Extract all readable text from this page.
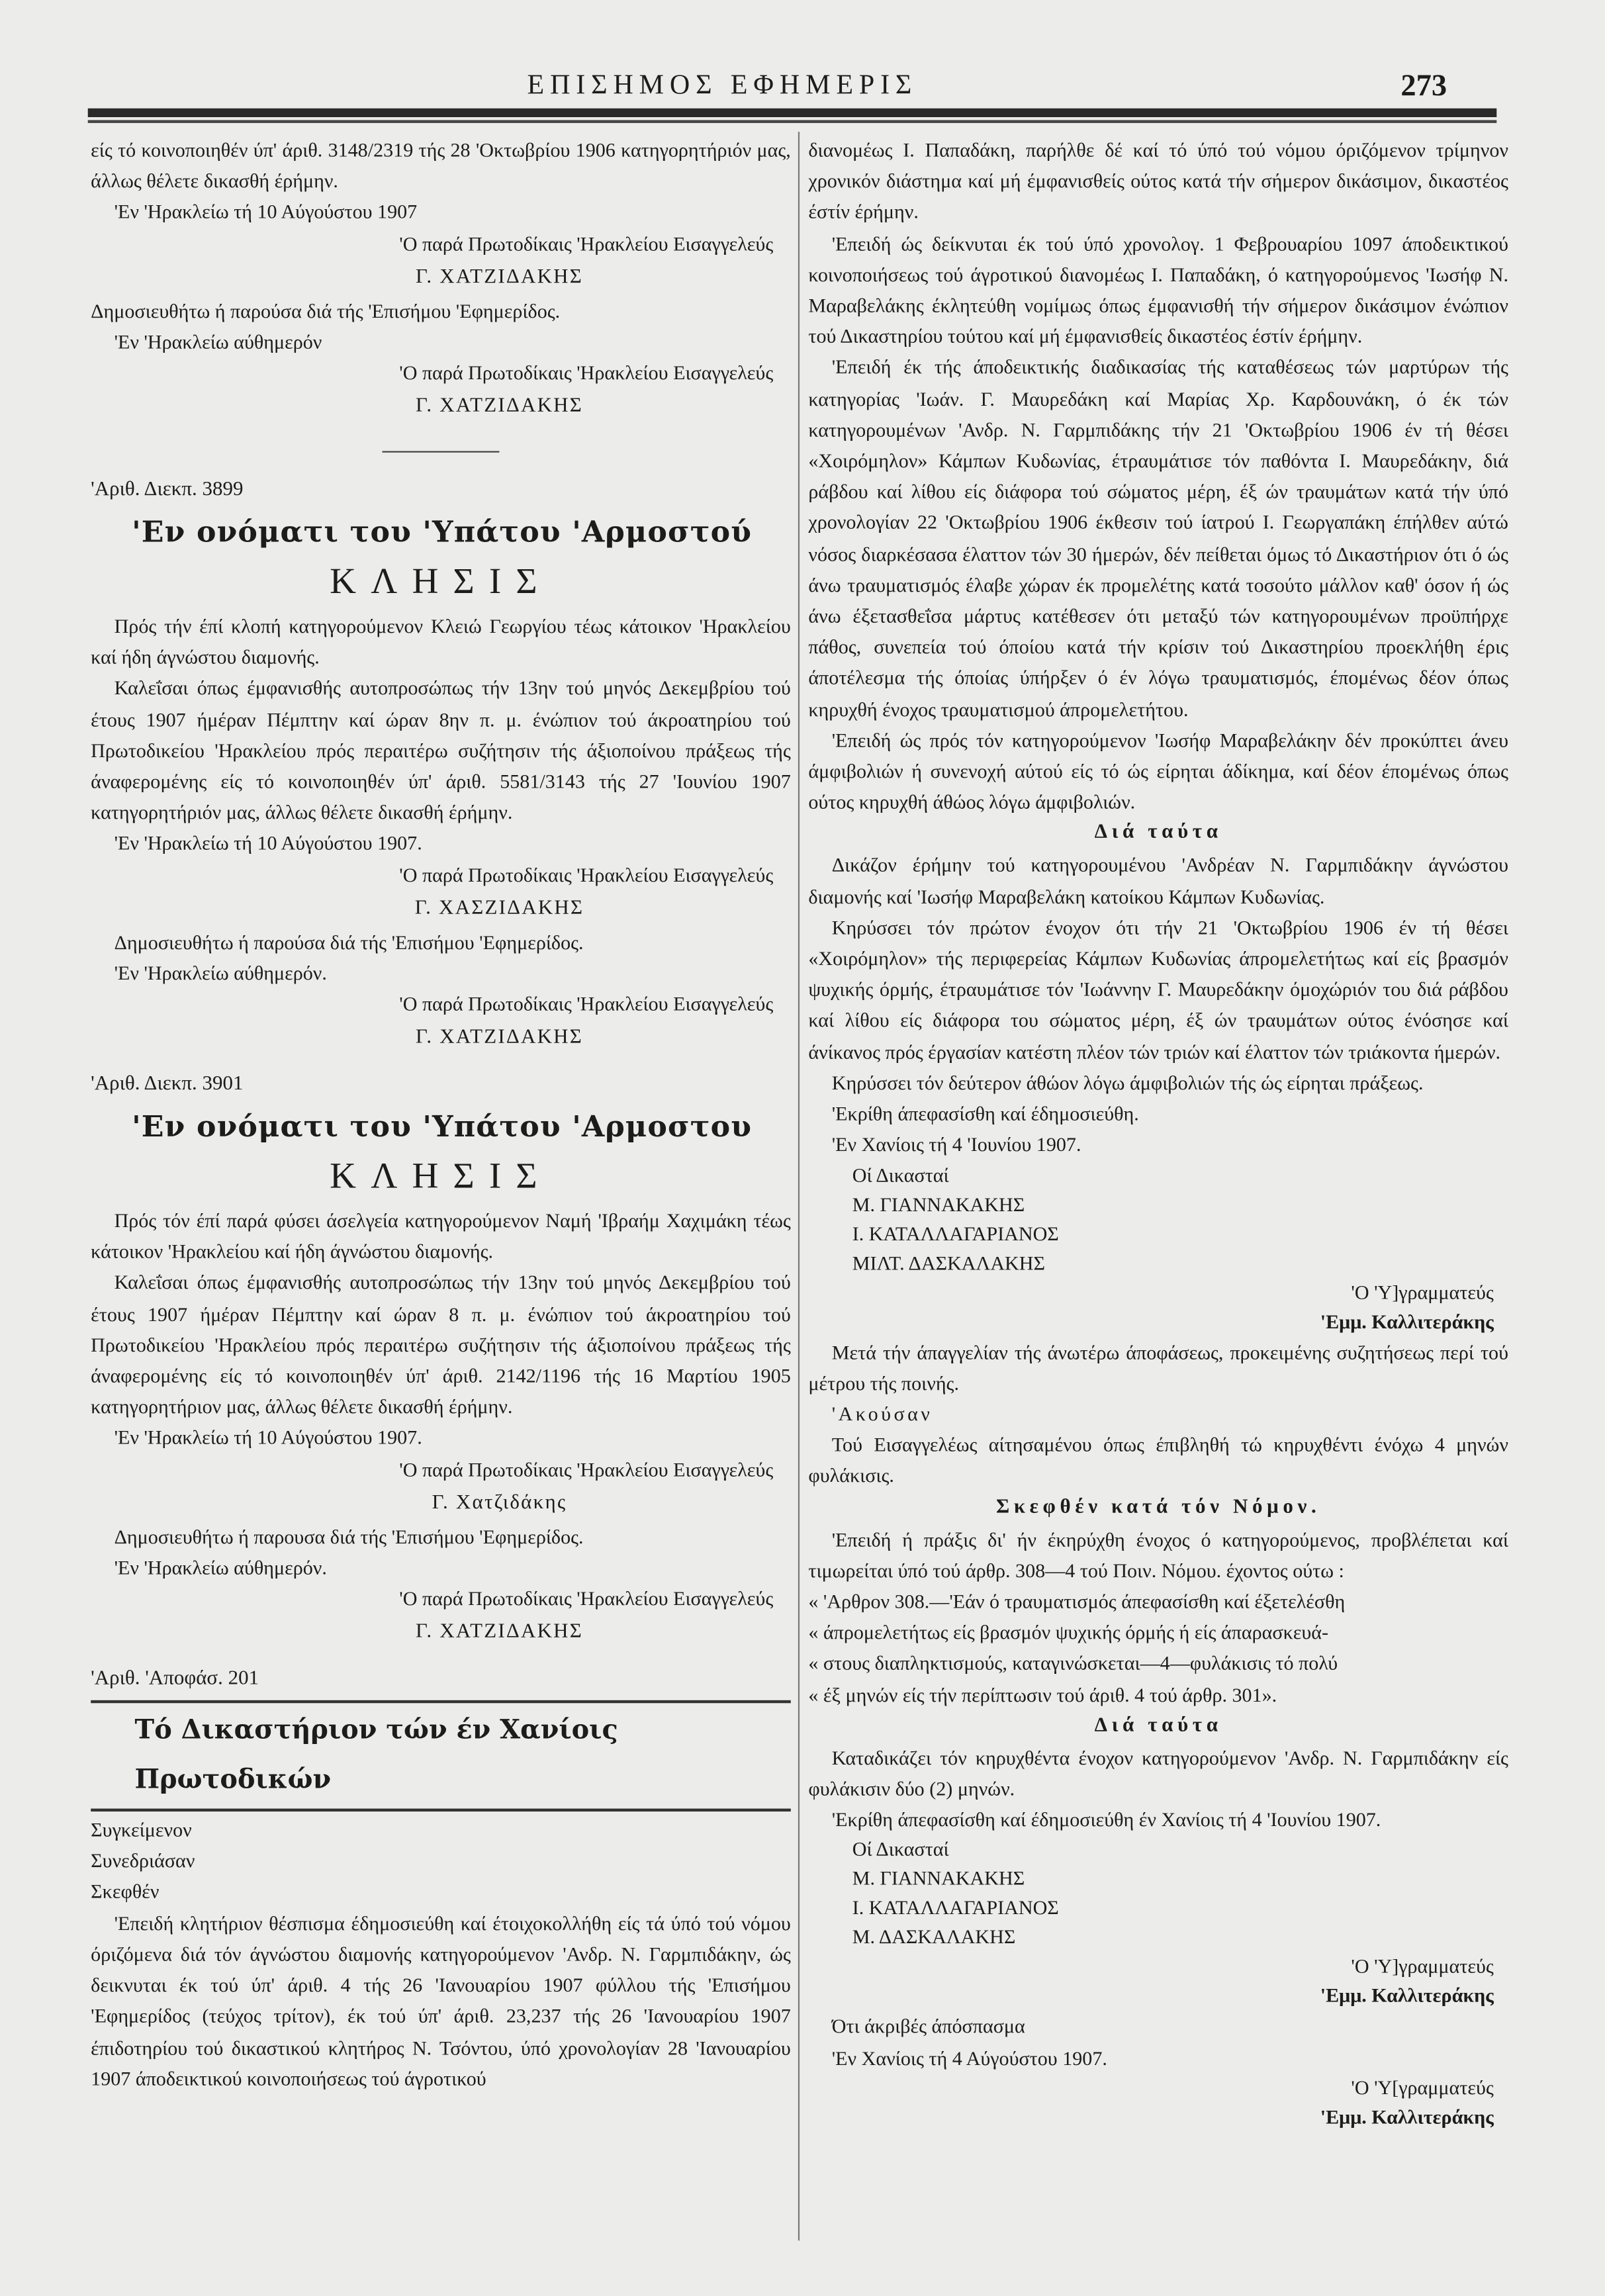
ΕΠΙΣΗΜΟΣ ΕΦΗΜΕΡΙΣ	273

είς τό κοινοποιηθέν ύπ' άριθ. 3148/2319 τής 28 'Οκτωβρίου 1906 κατηγορητήριόν μας, άλλως θέλετε δικασθή έρήμην.

'Εν 'Ηρακλείω τή 10 Αύγούστου 1907

'Ο παρά Πρωτοδίκαις 'Ηρακλείου Εισαγγελεύς

Γ. ΧΑΤΖΙΔΑΚΗΣ

Δημοσιευθήτω ή παρούσα διά τής 'Επισήμου 'Εφημερίδος.

'Εν 'Ηρακλείω αύθημερόν

'Ο παρά Πρωτοδίκαις 'Ηρακλείου Εισαγγελεύς

Γ. ΧΑΤΖΙΔΑΚΗΣ

'Αριθ. Διεκπ. 3899

'Εν ονόματι του 'Υπάτου 'Αρμοστού

ΚΛΗΣΙΣ

Πρός τήν έπί κλοπή κατηγορούμενον Κλειώ Γεωργίου τέως κάτοικον 'Ηρακλείου καί ήδη άγνώστου διαμονής.

Καλεΐσαι όπως έμφανισθής αυτοπροσώπως τήν 13ην τού μηνός Δεκεμβρίου τού έτους 1907 ήμέραν Πέμπτην καί ώραν 8ην π. μ. ένώπιον τού άκροατηρίου τού Πρωτοδικείου 'Ηρακλείου πρός περαιτέρω συζήτησιν τής άξιοποίνου πράξεως τής άναφερομένης είς τό κοινοποιηθέν ύπ' άριθ. 5581/3143 τής 27 'Ιουνίου 1907 κατηγορητήριόν μας, άλλως θέλετε δικασθή έρήμην.

'Εν 'Ηρακλείω τή 10 Αύγούστου 1907.

'Ο παρά Πρωτοδίκαις 'Ηρακλείου Εισαγγελεύς

Γ. ΧΑΣΖΙΔΑΚΗΣ

Δημοσιευθήτω ή παρούσα διά τής 'Επισήμου 'Εφημερίδος.

'Εν 'Ηρακλείω αύθημερόν.

'Ο παρά Πρωτοδίκαις 'Ηρακλείου Εισαγγελεύς

Γ. ΧΑΤΖΙΔΑΚΗΣ

'Αριθ. Διεκπ. 3901

'Εν ονόματι του 'Υπάτου 'Αρμοστου

ΚΛΗΣΙΣ

Πρός τόν έπί παρά φύσει άσελγεία κατηγορούμενον Ναμή 'Ιβραήμ Χαχιμάκη τέως κάτοικον 'Ηρακλείου καί ήδη άγνώστου διαμονής.

Καλεΐσαι όπως έμφανισθής αυτοπροσώπως τήν 13ην τού μηνός Δεκεμβρίου τού έτους 1907 ήμέραν Πέμπτην καί ώραν 8 π. μ. ένώπιον τού άκροατηρίου τού Πρωτοδικείου 'Ηρακλείου πρός περαιτέρω συζήτησιν τής άξιοποίνου πράξεως τής άναφερομένης είς τό κοινοποιηθέν ύπ' άριθ. 2142/1196 τής 16 Μαρτίου 1905 κατηγορητήριον μας, άλλως θέλετε δικασθή έρήμην.

'Εν 'Ηρακλείω τή 10 Αύγούστου 1907.

'Ο παρά Πρωτοδίκαις 'Ηρακλείου Εισαγγελεύς

Γ. Χατζιδάκης

Δημοσιευθήτω ή παρουσα διά τής 'Επισήμου 'Εφημερίδος.

'Εν 'Ηρακλείω αύθημερόν.

'Ο παρά Πρωτοδίκαις 'Ηρακλείου Εισαγγελεύς

Γ. ΧΑΤΖΙΔΑΚΗΣ

'Αριθ. 'Αποφάσ. 201

Τό Δικαστήριον τών έν Χανίοις Πρωτοδικών

Συγκείμενον

Συνεδριάσαν

Σκεφθέν

'Επειδή κλητήριον θέσπισμα έδημοσιεύθη καί έτοιχοκολλήθη είς τά ύπό τού νόμου όριζόμενα διά τόν άγνώστου διαμονής κατηγορούμενον 'Ανδρ. Ν. Γαρμπιδάκην, ώς δεικνυται έκ τού ύπ' άριθ. 4 τής 26 'Ιανουαρίου 1907 φύλλου τής 'Επισήμου 'Εφημερίδος (τεύχος τρίτον), έκ τού ύπ' άριθ. 23,237 τής 26 'Ιανουαρίου 1907 έπιδοτηρίου τού δικαστικού κλητήρος Ν. Τσόντου, ύπό χρονολογίαν 28 'Ιανουαρίου 1907 άποδεικτικού κοινοποιήσεως τού άγροτικού

διανομέως Ι. Παπαδάκη, παρήλθε δέ καί τό ύπό τού νόμου όριζόμενον τρίμηνον χρονικόν διάστημα καί μή έμφανισθείς ούτος κατά τήν σήμερον δικάσιμον, δικαστέος έστίν έρήμην.

'Επειδή ώς δείκνυται έκ τού ύπό χρονολογ. 1 Φεβρουαρίου 1097 άποδεικτικού κοινοποιήσεως τού άγροτικού διανομέως Ι. Παπαδάκη, ό κατηγορούμενος 'Ιωσήφ Ν. Μαραβελάκης έκλητεύθη νομίμως όπως έμφανισθή τήν σήμερον δικάσιμον ένώπιον τού Δικαστηρίου τούτου καί μή έμφανισθείς δικαστέος έστίν έρήμην.

'Επειδή έκ τής άποδεικτικής διαδικασίας τής καταθέσεως τών μαρτύρων τής κατηγορίας 'Ιωάν. Γ. Μαυρεδάκη καί Μαρίας Χρ. Καρδουνάκη, ό έκ τών κατηγορουμένων 'Ανδρ. Ν. Γαρμπιδάκης τήν 21 'Οκτωβρίου 1906 έν τή θέσει «Χοιρόμηλον» Κάμπων Κυδωνίας, έτραυμάτισε τόν παθόντα Ι. Μαυρεδάκην, διά ράβδου καί λίθου είς διάφορα τού σώματος μέρη, έξ ών τραυμάτων κατά τήν ύπό χρονολογίαν 22 'Οκτωβρίου 1906 έκθεσιν τού ίατρού Ι. Γεωργαπάκη έπήλθεν αύτώ νόσος διαρκέσασα έλαττον τών 30 ήμερών, δέν πείθεται όμως τό Δικαστήριον ότι ό ώς άνω τραυματισμός έλαβε χώραν έκ προμελέτης κατά τοσούτο μάλλον καθ' όσον ή ώς άνω έξετασθεΐσα μάρτυς κατέθεσεν ότι μεταξύ τών κατηγορουμένων προϋπήρχε πάθος, συνεπεία τού όποίου κατά τήν κρίσιν τού Δικαστηρίου προεκλήθη έρις άποτέλεσμα τής όποίας ύπήρξεν ό έν λόγω τραυματισμός, έπομένως δέον όπως κηρυχθή ένοχος τραυματισμού άπρομελετήτου.

'Επειδή ώς πρός τόν κατηγορούμενον 'Ιωσήφ Μαραβελάκην δέν προκύπτει άνευ άμφιβολιών ή συνενοχή αύτού είς τό ώς είρηται άδίκημα, καί δέον έπομένως όπως ούτος κηρυχθή άθώος λόγω άμφιβολιών.

Διά ταύτα

Δικάζον έρήμην τού κατηγορουμένου 'Ανδρέαν Ν. Γαρμπιδάκην άγνώστου διαμονής καί 'Ιωσήφ Μαραβελάκη κατοίκου Κάμπων Κυδωνίας.

Κηρύσσει τόν πρώτον ένοχον ότι τήν 21 'Οκτωβρίου 1906 έν τή θέσει «Χοιρόμηλον» τής περιφερείας Κάμπων Κυδωνίας άπρομελετήτως καί είς βρασμόν ψυχικής όρμής, έτραυμάτισε τόν 'Ιωάννην Γ. Μαυρεδάκην όμοχώριόν του διά ράβδου καί λίθου είς διάφορα του σώματος μέρη, έξ ών τραυμάτων ούτος ένόσησε καί άνίκανος πρός έργασίαν κατέστη πλέον τών τριών καί έλαττον τών τριάκοντα ήμερών.

Κηρύσσει τόν δεύτερον άθώον λόγω άμφιβολιών τής ώς είρηται πράξεως.

'Εκρίθη άπεφασίσθη καί έδημοσιεύθη.

'Εν Χανίοις τή 4 'Ιουνίου 1907.

Οί Δικασταί

Μ. ΓΙΑΝΝΑΚΑΚΗΣ

Ι. ΚΑΤΑΛΛΑΓΑΡΙΑΝΟΣ

ΜΙΛΤ. ΔΑΣΚΑΛΑΚΗΣ

'Ο 'Υ]γραμματεύς

'Εμμ. Καλλιτεράκης

Μετά τήν άπαγγελίαν τής άνωτέρω άποφάσεως, προκειμένης συζητήσεως περί τού μέτρου τής ποινής.

'Ακούσαν

Τού Εισαγγελέως αίτησαμένου όπως έπιβληθή τώ κηρυχθέντι ένόχω 4 μηνών φυλάκισις.

Σκεφθέν κατά τόν Νόμον.

'Επειδή ή πράξις δι' ήν έκηρύχθη ένοχος ό κατηγορούμενος, προβλέπεται καί τιμωρείται ύπό τού άρθρ. 308—4 τού Ποιν. Νόμου. έχοντος ούτω :

« 'Αρθρον 308.—'Εάν ό τραυματισμός άπεφασίσθη καί έξετελέσθη

« άπρομελετήτως είς βρασμόν ψυχικής όρμής ή είς άπαρασκευά-

« στους διαπληκτισμούς, καταγινώσκεται—4—φυλάκισις τό πολύ

« έξ μηνών είς τήν περίπτωσιν τού άριθ. 4 τού άρθρ. 301».

Διά ταύτα

Καταδικάζει τόν κηρυχθέντα ένοχον κατηγορούμενον 'Ανδρ. Ν. Γαρμπιδάκην είς φυλάκισιν δύο (2) μηνών.

'Εκρίθη άπεφασίσθη καί έδημοσιεύθη έν Χανίοις τή 4 'Ιουνίου 1907.

Οί Δικασταί

Μ. ΓΙΑΝΝΑΚΑΚΗΣ

Ι. ΚΑΤΑΛΛΑΓΑΡΙΑΝΟΣ

Μ. ΔΑΣΚΑΛΑΚΗΣ

'Ο 'Υ]γραμματεύς

'Εμμ. Καλλιτεράκης

Ότι άκριβές άπόσπασμα

'Εν Χανίοις τή 4 Αύγούστου 1907.

'Ο 'Υ[γραμματεύς

'Εμμ. Καλλιτεράκης
